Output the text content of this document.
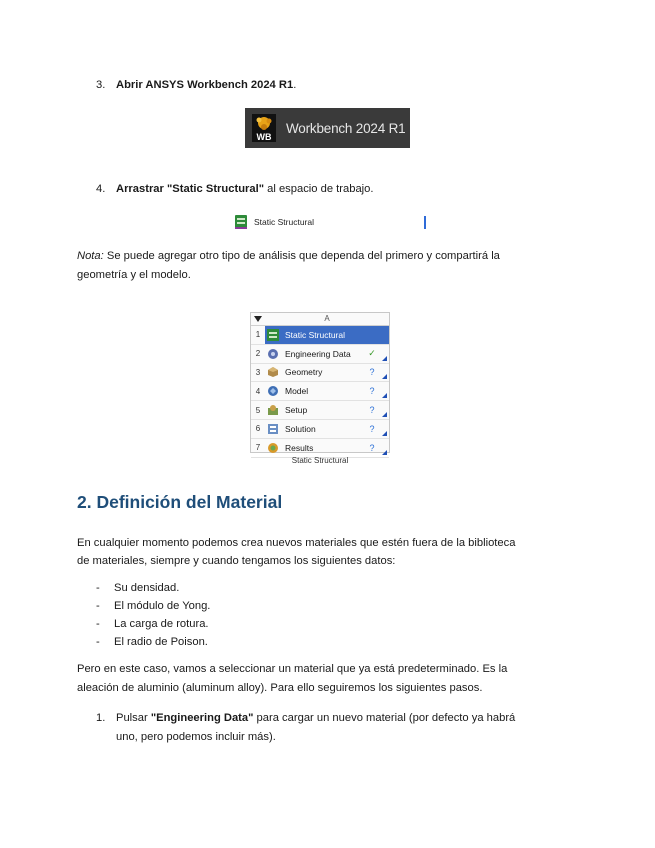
3. Abrir ANSYS Workbench 2024 R1.
WB
Workbench 2024 R1
4. Arrastrar "Static Structural" al espacio de trabajo.
Static Structural
Nota: Se puede agregar otro tipo de análisis que dependa del primero y compartirá la
geometría y el modelo.
A
1	Static Structural
2	Engineering Data	✓
3	Geometry	?
4	Model	?
5	Setup	?
6	Solution	?
7	Results	?
Static Structural
2. Definición del Material
En cualquier momento podemos crea nuevos materiales que estén fuera de la biblioteca
de materiales, siempre y cuando tengamos los siguientes datos:
- Su densidad.
- El módulo de Yong.
- La carga de rotura.
- El radio de Poison.
Pero en este caso, vamos a seleccionar un material que ya está predeterminado. Es la
aleación de aluminio (aluminum alloy). Para ello seguiremos los siguientes pasos.
1. Pulsar "Engineering Data" para cargar un nuevo material (por defecto ya habrá
uno, pero podemos incluir más).
